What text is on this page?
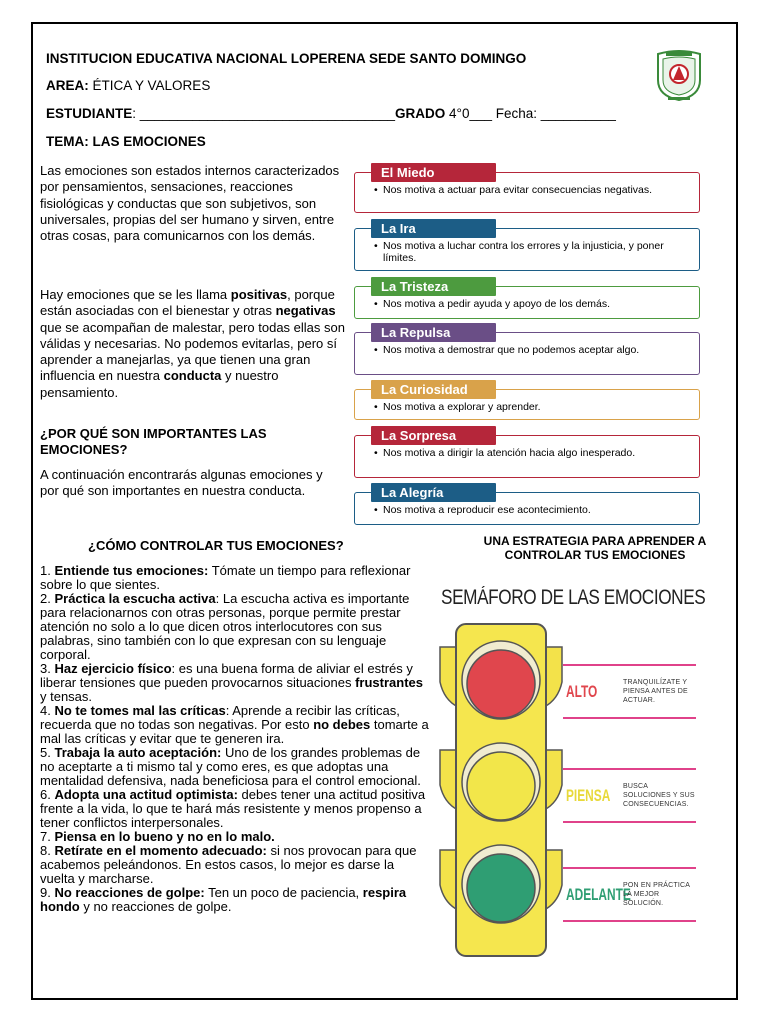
INSTITUCION EDUCATIVA NACIONAL LOPERENA SEDE SANTO DOMINGO
AREA: ÉTICA Y VALORES
ESTUDIANTE: __________________________________GRADO 4°0___ Fecha: __________
TEMA: LAS EMOCIONES
Las emociones son estados internos caracterizados por pensamientos, sensaciones, reacciones fisiológicas y conductas que son subjetivos, son universales, propias del ser humano y sirven, entre otras cosas, para comunicarnos con los demás.
Hay emociones que se les llama positivas, porque están asociadas con el bienestar y otras negativas que se acompañan de malestar, pero todas ellas son válidas y necesarias. No podemos evitarlas, pero sí aprender a manejarlas, ya que tienen una gran influencia en nuestra conducta y nuestro pensamiento.
¿POR QUÉ SON IMPORTANTES LAS EMOCIONES?
A continuación encontrarás algunas emociones y por qué son importantes en nuestra conducta.
• Nos motiva a actuar para evitar consecuencias negativas.
El Miedo
• Nos motiva a luchar contra los errores y la injusticia, y poner límites.
La Ira
• Nos motiva a pedir ayuda y apoyo de los demás.
La Tristeza
• Nos motiva a demostrar que no podemos aceptar algo.
La Repulsa
• Nos motiva a explorar y aprender.
La Curiosidad
• Nos motiva a dirigir la atención hacia algo inesperado.
La Sorpresa
• Nos motiva a reproducir ese acontecimiento.
La Alegría
¿CÓMO CONTROLAR TUS EMOCIONES?
1. Entiende tus emociones: Tómate un tiempo para reflexionar sobre lo que sientes.
2. Práctica la escucha activa: La escucha activa es importante para relacionarnos con otras personas, porque permite prestar atención no solo a lo que dicen otros interlocutores con sus palabras, sino también con lo que expresan con su lenguaje corporal.
3. Haz ejercicio físico: es una buena forma de aliviar el estrés y liberar tensiones que pueden provocarnos situaciones frustrantes y tensas.
4. No te tomes mal las críticas: Aprende a recibir las críticas, recuerda que no todas son negativas. Por esto no debes tomarte a mal las críticas y evitar que te generen ira.
5. Trabaja la auto aceptación: Uno de los grandes problemas de no aceptarte a ti mismo tal y como eres, es que adoptas una mentalidad defensiva, nada beneficiosa para el control emocional.
6. Adopta una actitud optimista: debes tener una actitud positiva frente a la vida, lo que te hará más resistente y menos propenso a tener conflictos interpersonales.
7. Piensa en lo bueno y no en lo malo.
8. Retírate en el momento adecuado: si nos provocan para que acabemos peleándonos. En estos casos, lo mejor es darse la vuelta y marcharse.
9. No reacciones de golpe: Ten un poco de paciencia, respira hondo y no reacciones de golpe.
UNA ESTRATEGIA PARA APRENDER A CONTROLAR TUS EMOCIONES
SEMÁFORO DE LAS EMOCIONES
ALTO	TRANQUILÍZATE Y PIENSA ANTES DE ACTUAR.
PIENSA BUSCA SOLUCIONES Y SUS CONSECUENCIAS.
ADELANTE
PON EN PRÁCTICA LA MEJOR SOLUCIÓN.
